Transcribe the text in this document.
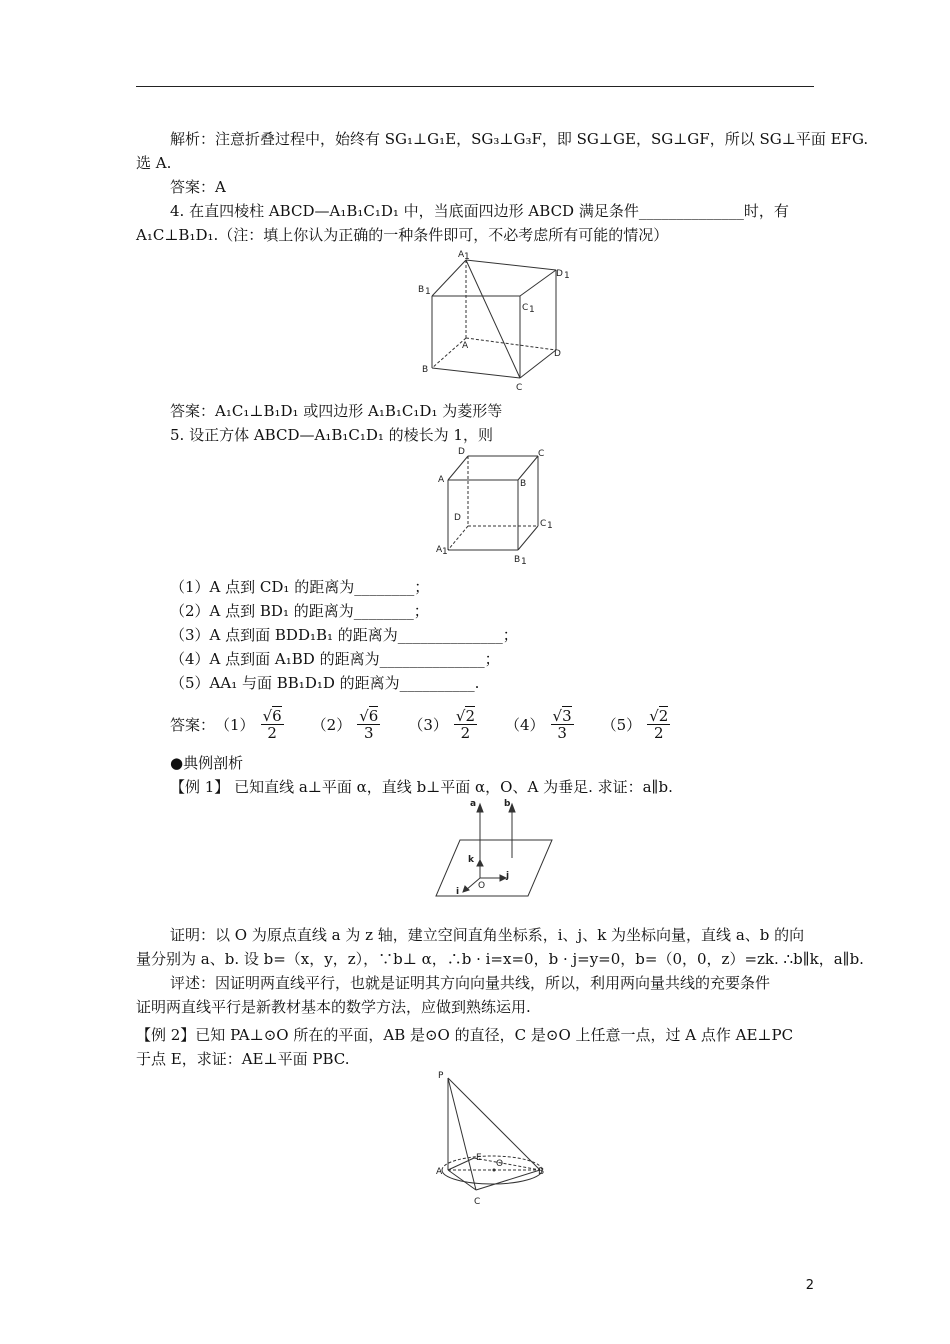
解析：注意折叠过程中，始终有 SG₁⊥G₁E，SG₃⊥G₃F，即 SG⊥GE，SG⊥GF，所以 SG⊥平面 EFG.
选 A.
答案：A
4. 在直四棱柱 ABCD—A₁B₁C₁D₁ 中，当底面四边形 ABCD 满足条件______________时，有
A₁C⊥B₁D₁.（注：填上你认为正确的一种条件即可，不必考虑所有可能的情况）
A 1
D 1
B 1
C 1
A
B
C
D
答案：A₁C₁⊥B₁D₁ 或四边形 A₁B₁C₁D₁ 为菱形等
5. 设正方体 ABCD—A₁B₁C₁D₁ 的棱长为 1，则
D	C
A	B
D
C 1
A 1
B 1
（1）A 点到 CD₁ 的距离为________；
（2）A 点到 BD₁ 的距离为________；
（3）A 点到面 BDD₁B₁ 的距离为______________；
（4）A 点到面 A₁BD 的距离为______________；
（5）AA₁ 与面 BB₁D₁D 的距离为__________.
答案： $(1) \frac{√6}{2} (2) \frac{√6}{3} (3) \frac{√2}{2} (4) \frac{√3}{3} (5) \frac{√2}{2}$
●典例剖析
【例 1】 已知直线 a⊥平面 α，直线 b⊥平面 α，O、A 为垂足. 求证：a∥b.
a	b
k
i
j
O
证明：以 O 为原点直线 a 为 z 轴，建立空间直角坐标系，i、j、k 为坐标向量，直线 a、b 的向
量分别为 a、b. 设 b=（x，y，z），∵b⊥ α，∴b · i=x=0，b · j=y=0，b=（0，0，z）=zk. ∴b∥k，a∥b.
评述：因证明两直线平行，也就是证明其方向向量共线，所以，利用两向量共线的充要条件
证明两直线平行是新教材基本的数学方法，应做到熟练运用.
【例 2】已知 PA⊥⊙O 所在的平面，AB 是⊙O 的直径，C 是⊙O 上任意一点，过 A 点作 AE⊥PC
于点 E，求证：AE⊥平面 PBC.
P
E
O
A	B
C
2
